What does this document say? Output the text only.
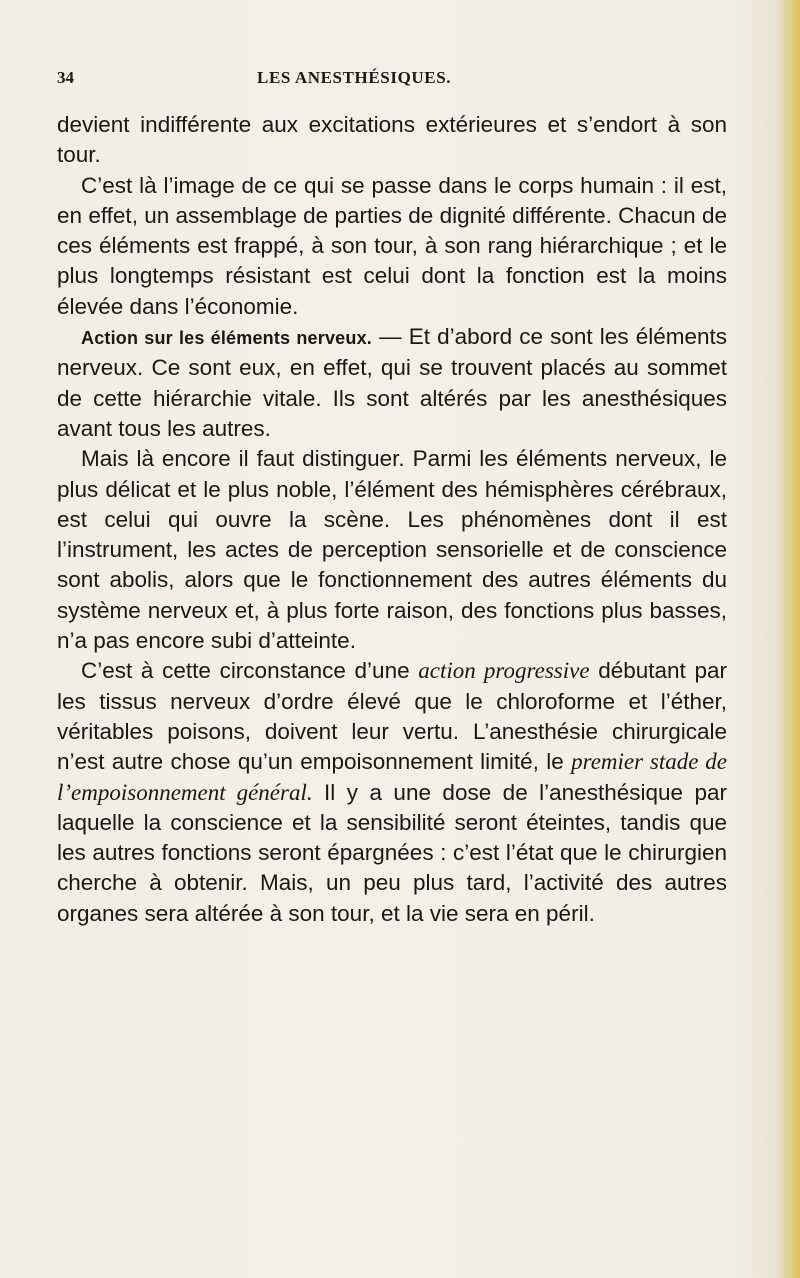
34	LES ANESTHÉSIQUES.

devient indifférente aux excitations extérieures et s’endort à son tour.

C’est là l’image de ce qui se passe dans le corps humain : il est, en effet, un assemblage de parties de dignité différente. Chacun de ces éléments est frappé, à son tour, à son rang hiérarchique ; et le plus longtemps résistant est celui dont la fonction est la moins élevée dans l’économie.

Action sur les éléments nerveux. — Et d’abord ce sont les éléments nerveux. Ce sont eux, en effet, qui se trouvent placés au sommet de cette hiérarchie vitale. Ils sont altérés par les anesthésiques avant tous les autres.

Mais là encore il faut distinguer. Parmi les éléments nerveux, le plus délicat et le plus noble, l’élément des hémisphères cérébraux, est celui qui ouvre la scène. Les phénomènes dont il est l’instrument, les actes de perception sensorielle et de conscience sont abolis, alors que le fonctionnement des autres éléments du système nerveux et, à plus forte raison, des fonctions plus basses, n’a pas encore subi d’atteinte.

C’est à cette circonstance d’une action progressive débutant par les tissus nerveux d’ordre élevé que le chloroforme et l’éther, véritables poisons, doivent leur vertu. L’anesthésie chirurgicale n’est autre chose qu’un empoisonnement limité, le premier stade de l’empoisonnement général. Il y a une dose de l’anesthésique par laquelle la conscience et la sensibilité seront éteintes, tandis que les autres fonctions seront épargnées : c’est l’état que le chirurgien cherche à obtenir. Mais, un peu plus tard, l’activité des autres organes sera altérée à son tour, et la vie sera en péril.
